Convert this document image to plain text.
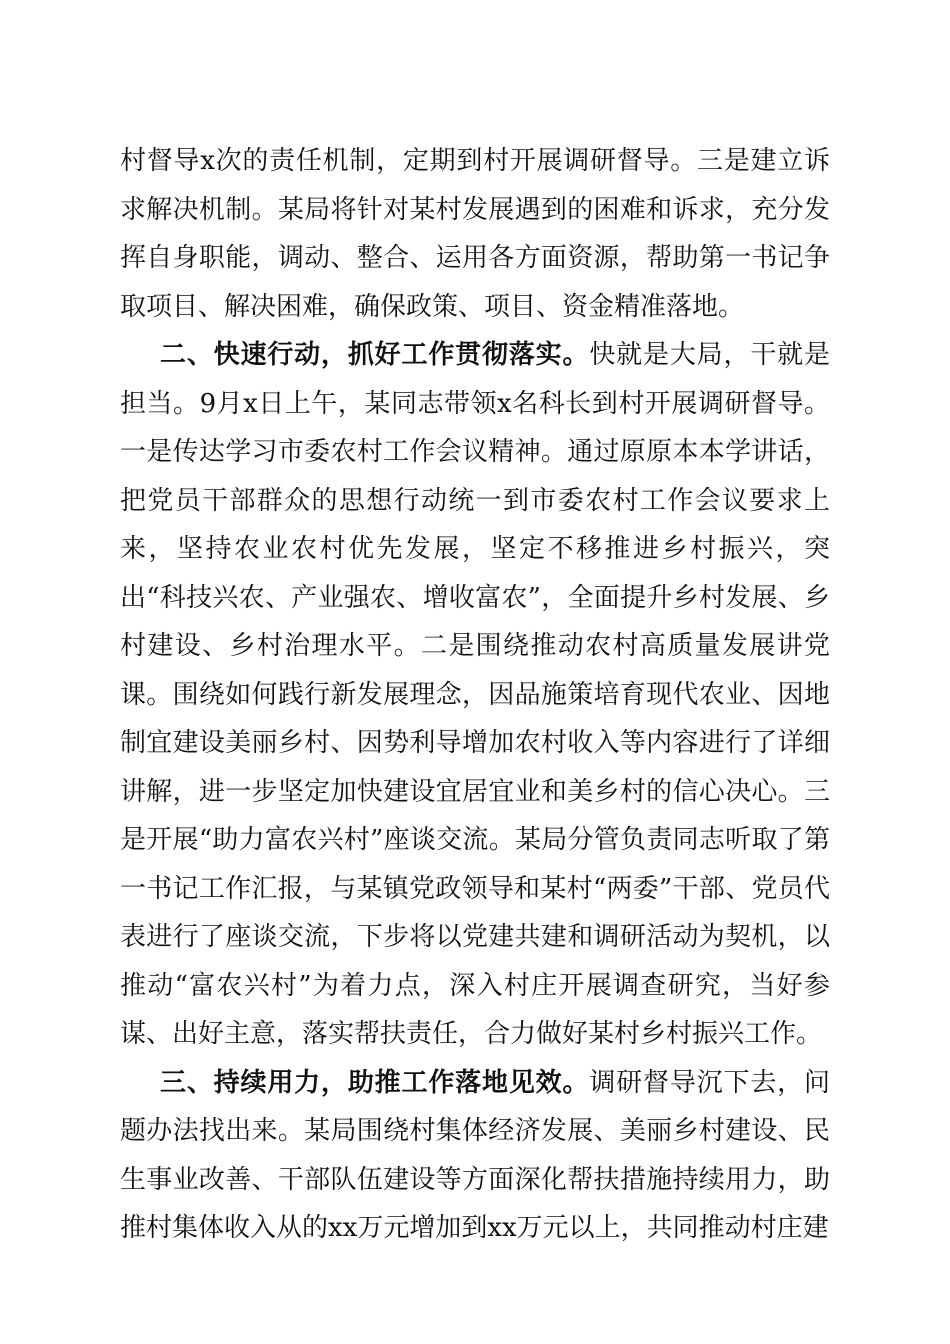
村督导x次的责任机制，定期到村开展调研督导。三是建立诉求解决机制。某局将针对某村发展遇到的困难和诉求，充分发挥自身职能，调动、整合、运用各方面资源，帮助第一书记争取项目、解决困难，确保政策、项目、资金精准落地。

二、快速行动，抓好工作贯彻落实。快就是大局，干就是担当。9月x日上午，某同志带领x名科长到村开展调研督导。一是传达学习市委农村工作会议精神。通过原原本本学讲话，把党员干部群众的思想行动统一到市委农村工作会议要求上来，坚持农业农村优先发展，坚定不移推进乡村振兴，突出“科技兴农、产业强农、增收富农”，全面提升乡村发展、乡村建设、乡村治理水平。二是围绕推动农村高质量发展讲党课。围绕如何践行新发展理念，因品施策培育现代农业、因地制宜建设美丽乡村、因势利导增加农村收入等内容进行了详细讲解，进一步坚定加快建设宜居宜业和美乡村的信心决心。三是开展“助力富农兴村”座谈交流。某局分管负责同志听取了第一书记工作汇报，与某镇党政领导和某村“两委”干部、党员代表进行了座谈交流，下步将以党建共建和调研活动为契机，以推动“富农兴村”为着力点，深入村庄开展调查研究，当好参谋、出好主意，落实帮扶责任，合力做好某村乡村振兴工作。

三、持续用力，助推工作落地见效。调研督导沉下去，问题办法找出来。某局围绕村集体经济发展、美丽乡村建设、民生事业改善、干部队伍建设等方面深化帮扶措施持续用力，助推村集体收入从的xx万元增加到xx万元以上，共同推动村庄建
